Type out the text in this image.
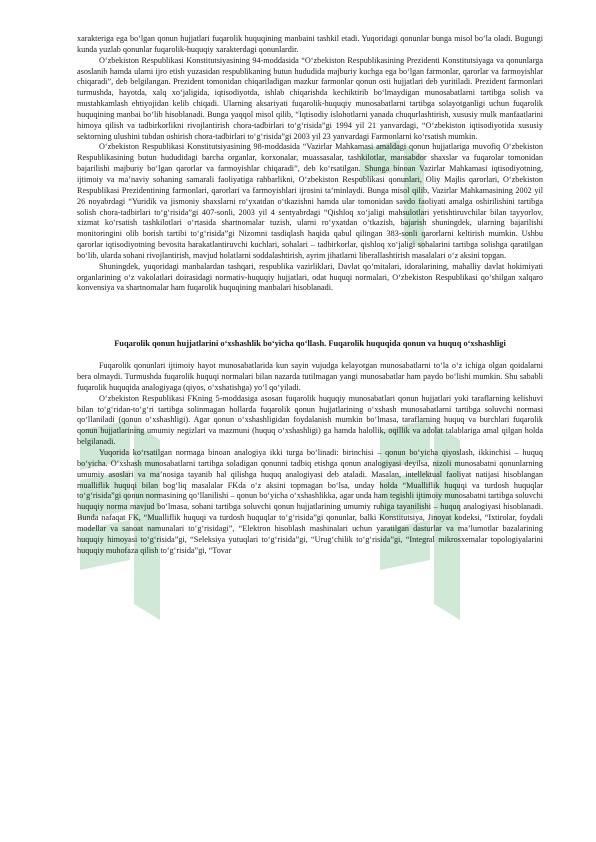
xarakteriga ega bo‘lgan qonun hujjatlari fuqarolik huquqining manbaini tashkil etadi. Yuqoridagi qonunlar bunga misol bo‘la oladi. Bugungi kunda yuzlab qonunlar fuqarolik-huquqiy xarakterdagi qonunlardir.

O‘zbekiston Respublikasi Konstitutsiyasining 94-moddasida “O‘zbekiston Respublikasining Prezidenti Konstitutsiyaga va qonunlarga asoslanib hamda ularni ijro etish yuzasidan respublikaning butun hududida majburiy kuchga ega bo‘lgan farmonlar, qarorlar va farmoyishlar chiqaradi”, deb belgilangan. Prezident tomonidan chiqariladigan mazkur farmonlar qonun osti hujjatlari deb yuritiladi. Prezident farmonlari turmushda, hayotda, xalq xo‘jaligida, iqtisodiyotda, ishlab chiqarishda kechiktirib bo‘lmaydigan munosabatlarni tartibga solish va mustahkamlash ehtiyojidan kelib chiqadi. Ularning aksariyati fuqarolik-huquqiy munosabatlarni tartibga solayotganligi uchun fuqarolik huquqining manbai bo‘lib hisoblanadi. Bunga yaqqol misol qilib, “Iqtisodiy islohotlarni yanada chuqurlashtirish, xususiy mulk manfaatlarini himoya qilish va tadbirkorlikni rivojlantirish chora-tadbirlari to‘g‘risida”gi 1994 yil 21 yanvardagi, “O‘zbekiston iqtisodiyotida xususiy sektorning ulushini tubdan oshirish chora-tadbirlari to‘g‘risida”gi 2003 yil 23 yanvardagi Farmonlarni ko‘rsatish mumkin.

O‘zbekiston Respublikasi Konstitutsiyasining 98-moddasida “Vazirlar Mahkamasi amaldagi qonun hujjatlariga muvofiq O‘zbekiston Respublikasining butun hududidagi barcha organlar, korxonalar, muassasalar, tashkilotlar, mansabdor shaxslar va fuqarolar tomonidan bajarilishi majburiy bo‘lgan qarorlar va farmoyishlar chiqaradi”, deb ko‘rsatilgan. Shunga binoan Vazirlar Mahkamasi iqtisodiyotning, ijtimoiy va ma’naviy sohaning samarali faoliyatiga rahbarlikni, O‘zbekiston Respublikasi qonunlari, Oliy Majlis qarorlari, O‘zbekiston Respublikasi Prezidentining farmonlari, qarorlari va farmoyishlari ijrosini ta’minlaydi. Bunga misol qilib, Vazirlar Mahkamasining 2002 yil 26 noyabrdagi “Yuridik va jismoniy shaxslarni ro‘yxatdan o‘tkazishni hamda ular tomonidan savdo faoliyati amalga oshirilishini tartibga solish chora-tadbirlari to‘g‘risida”gi 407-sonli, 2003 yil 4 sentyabrdagi “Qishloq xo‘jaligi mahsulotlari yetishtiruvchilar bilan tayyorlov, xizmat ko‘rsatish tashkilotlari o‘rtasida shartnomalar tuzish, ularni ro‘yxatdan o‘tkazish, bajarish shuningdek, ularning bajarilishi monitoringini olib borish tartibi to‘g‘risida”gi Nizomni tasdiqlash haqida qabul qilingan 383-sonli qarorlarni keltirish mumkin. Ushbu qarorlar iqtisodiyotning bevosita harakatlantiruvchi kuchlari, sohalari – tadbirkorlar, qishloq xo‘jaligi sohalarini tartibga solishga qaratilgan bo‘lib, ularda sohani rivojlantirish, mavjud holatlarni soddalashtirish, ayrim jihatlarni liberallashtirish masalalari o‘z aksini topgan.

Shuningdek, yuqoridagi manbalardan tashqari, respublika vazirliklari, Davlat qo‘mitalari, idoralarining, mahalliy davlat hokimiyati organlarining o‘z vakolatlari doirasidagi normativ-huquqiy hujjatlari, odat huquqi normalari, O‘zbekiston Respublikasi qo‘shilgan xalqaro konvensiya va shartnomalar ham fuqarolik huquqining manbalari hisoblanadi.

Fuqarolik qonun hujjatlarini o‘xshashlik bo‘yicha qo‘llash. Fuqarolik huquqida qonun va huquq o‘xshashligi

Fuqarolik qonunlari ijtimoiy hayot munosabatlarida kun sayin vujudga kelayotgan munosabatlarni to‘la o‘z ichiga olgan qoidalarni bera olmaydi. Turmushda fuqarolik huquqi normalari bilan nazarda tutilmagan yangi munosabatlar ham paydo bo‘lishi mumkin. Shu sababli fuqarolik huquqida analogiyaga (qiyos, o‘xshatishga) yo‘l qo‘yiladi.

O‘zbekiston Respublikasi FKning 5-moddasiga asosan fuqarolik huquqiy munosabatlari qonun hujjatlari yoki taraflarning kelishuvi bilan to‘g‘ridan-to‘g‘ri tartibga solinmagan hollarda fuqarolik qonun hujjatlarining o‘xshash munosabatlarni tartibga soluvchi normasi qo‘llaniladi (qonun o‘xshashligi). Agar qonun o‘xshashligidan foydalanish mumkin bo‘lmasa, taraflarning huquq va burchlari fuqarolik qonun hujjatlarining umumiy negizlari va mazmuni (huquq o‘xshashligi) ga hamda halollik, oqillik va adolat talablariga amal qilgan holda belgilanadi.

Yuqorida ko‘rsatilgan normaga binoan analogiya ikki turga bo‘linadi: birinchisi – qonun bo‘yicha qiyoslash, ikkinchisi – huquq bo‘yicha. O‘xshash munosabatlarni tartibga soladigan qonunni tadbiq etishga qonun analogiyasi deyilsa, nizoli munosabatni qonunlarning umumiy asoslari va ma’nosiga tayanib hal qilishga huquq analogiyasi deb ataladi. Masalan, intellektual faoliyat natijasi hisoblangan mualliflik huquqi bilan bog‘liq masalalar FKda o‘z aksini topmagan bo‘lsa, unday holda “Mualliflik huquqi va turdosh huquqlar to‘g‘risida”gi qonun normasining qo‘llanilishi – qonun bo‘yicha o‘xshashlikka, agar unda ham tegishli ijtimoiy munosabatni tartibga soluvchi huquqiy norma mavjud bo‘lmasa, sohani tartibga soluvchi qonun hujjatlarining umumiy ruhiga tayanilishi – huquq analogiyasi hisoblanadi. Bunda nafaqat FK, “Mualliflik huquqi va turdosh huquqlar to‘g‘risida”gi qonunlar, balki Konstitutsiya, Jinoyat kodeksi, “Ixtirolar, foydali modellar va sanoat namunalari to‘g‘risidagi”, “Elektron hisoblash mashinalari uchun yaratilgan dasturlar va ma’lumotlar bazalarining huquqiy himoyasi to‘g‘risida”gi, “Seleksiya yutuqlari to‘g‘risida”gi, “Urug‘chilik to‘g‘risida”gi, “Integral mikrosxemalar topologiyalarini huquqiy muhofaza qilish to‘g‘risida”gi, “Tovar
